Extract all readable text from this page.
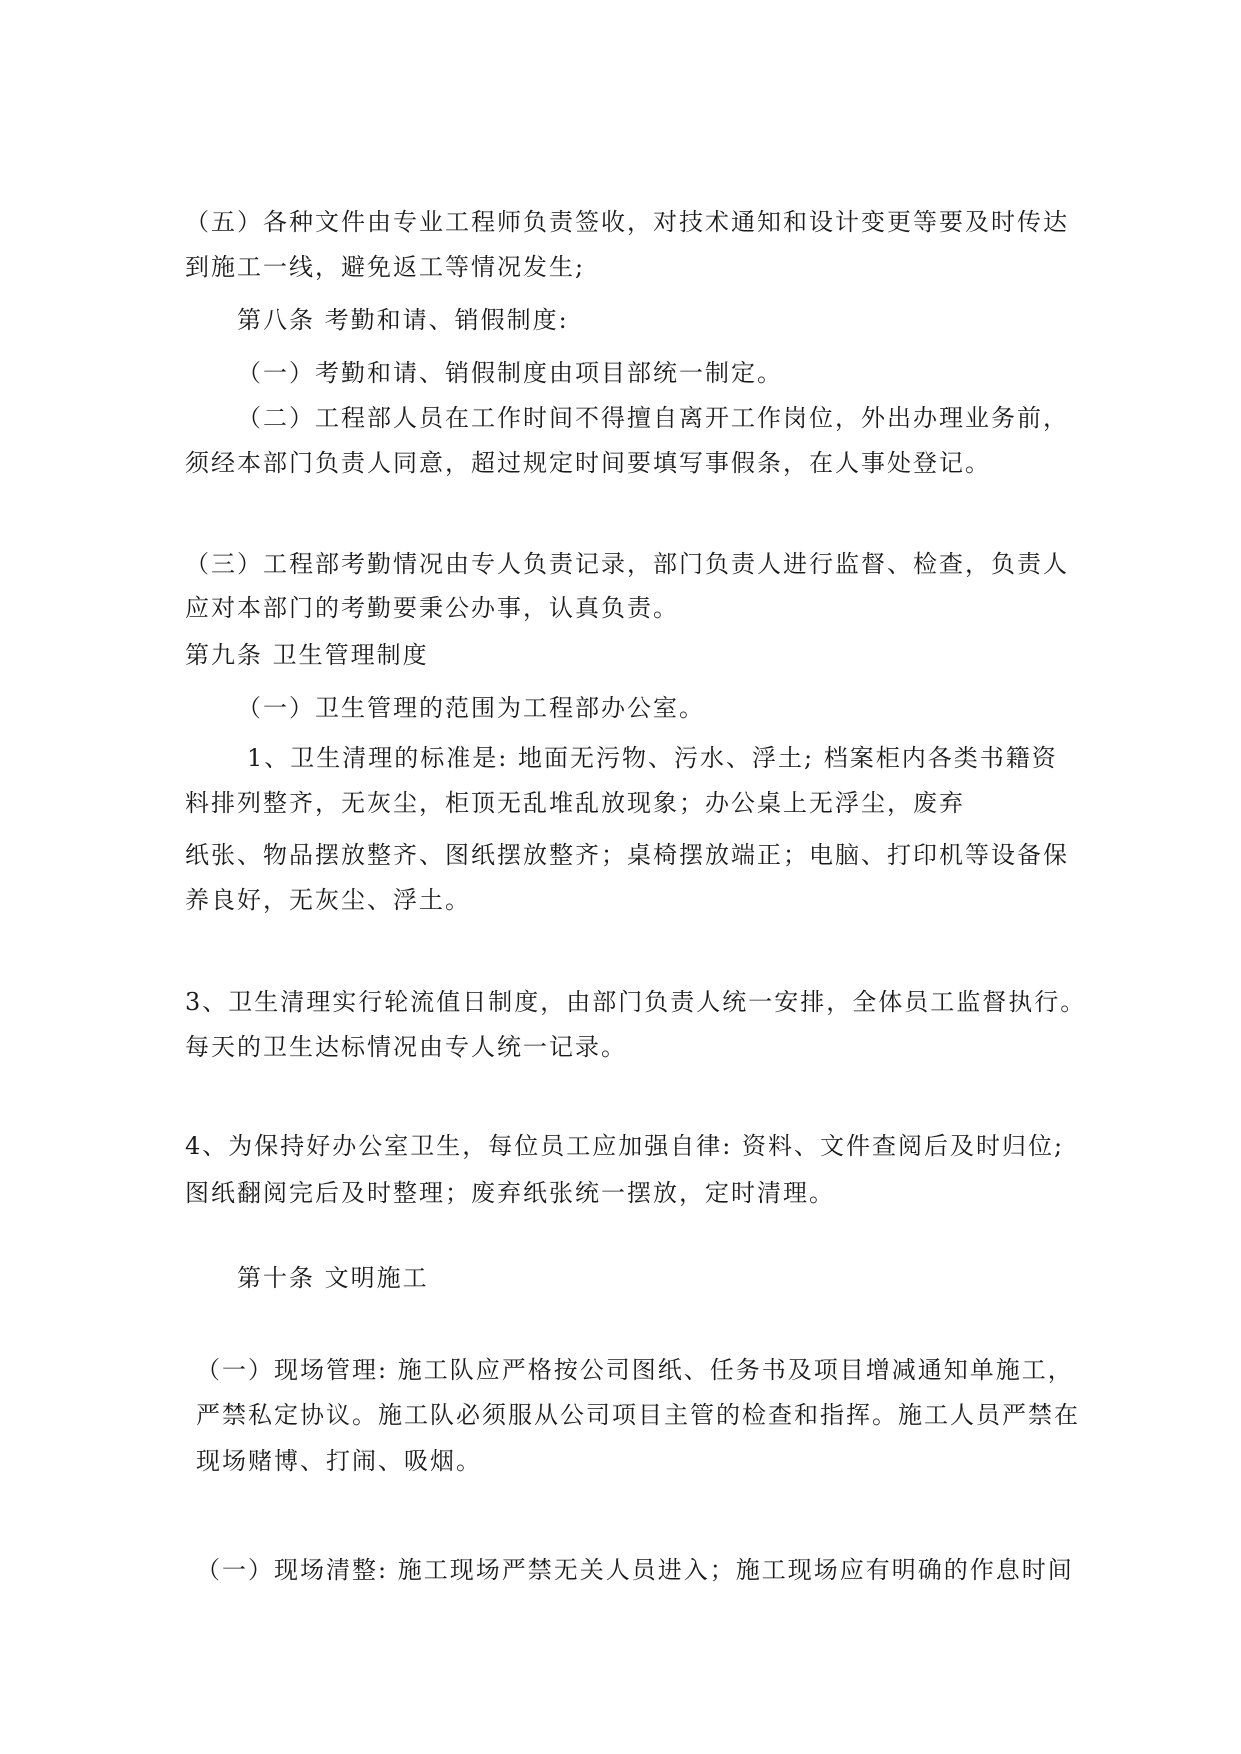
（五）各种文件由专业工程师负责签收，对技术通知和设计变更等要及时传达

到施工一线，避免返工等情况发生;

第八条 考勤和请、销假制度:

（一）考勤和请、销假制度由项目部统一制定。

（二）工程部人员在工作时间不得擅自离开工作岗位，外出办理业务前，

须经本部门负责人同意，超过规定时间要填写事假条，在人事处登记。

（三）工程部考勤情况由专人负责记录，部门负责人进行监督、检查，负责人

应对本部门的考勤要秉公办事，认真负责。

第九条 卫生管理制度

（一）卫生管理的范围为工程部办公室。

1、卫生清理的标准是: 地面无污物、污水、浮土; 档案柜内各类书籍资

料排列整齐，无灰尘，柜顶无乱堆乱放现象；办公桌上无浮尘，废弃

纸张、物品摆放整齐、图纸摆放整齐；桌椅摆放端正；电脑、打印机等设备保

养良好，无灰尘、浮土。

3、卫生清理实行轮流值日制度，由部门负责人统一安排，全体员工监督执行。

每天的卫生达标情况由专人统一记录。

4、为保持好办公室卫生，每位员工应加强自律: 资料、文件查阅后及时归位;

图纸翻阅完后及时整理；废弃纸张统一摆放，定时清理。

第十条 文明施工

（一）现场管理: 施工队应严格按公司图纸、任务书及项目增减通知单施工，

严禁私定协议。施工队必须服从公司项目主管的检查和指挥。施工人员严禁在

现场赌博、打闹、吸烟。

（一）现场清整: 施工现场严禁无关人员进入；施工现场应有明确的作息时间
